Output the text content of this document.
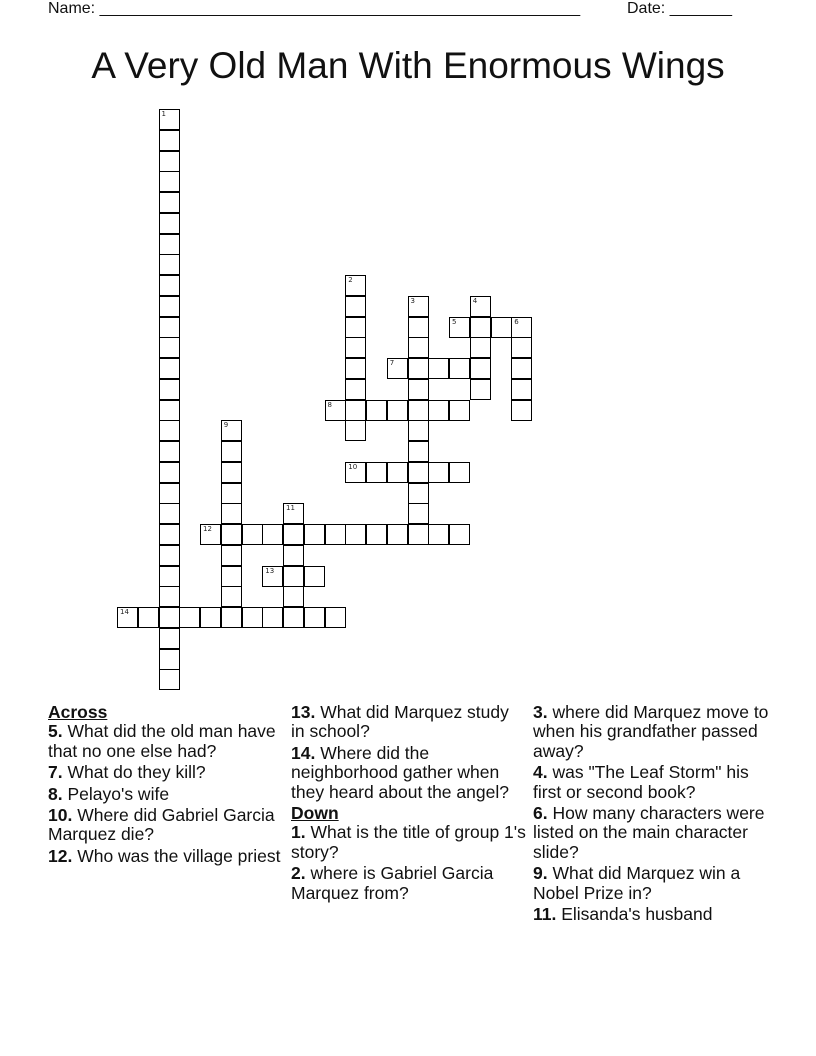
Name: ______________________________________________________	Date: _______
A Very Old Man With Enormous Wings
1
2
3	4
5	6
7
8
9
10
11
12
13
14
Across
5. What did the old man have that no one else had?
7. What do they kill?
8. Pelayo's wife
10. Where did Gabriel Garcia Marquez die?
12. Who was the village priest
13. What did Marquez study in school?
14. Where did the neighborhood gather when they heard about the angel?
Down
1. What is the title of group 1's story?
2. where is Gabriel Garcia Marquez from?
3. where did Marquez move to when his grandfather passed away?
4. was "The Leaf Storm" his first or second book?
6. How many characters were listed on the main character slide?
9. What did Marquez win a Nobel Prize in?
11. Elisanda's husband
